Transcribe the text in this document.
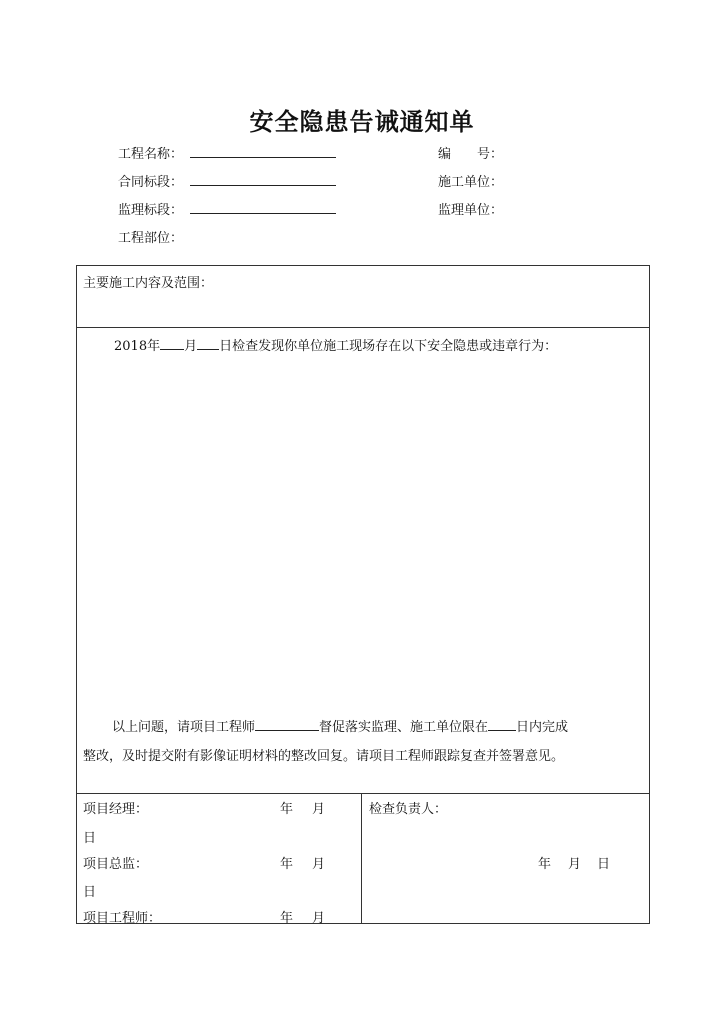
安全隐患告诫通知单
工程名称：	编　　号：
合同标段：	施工单位：
监理标段：	监理单位：
工程部位：
主要施工内容及范围：
2018年 月 日检查发现你单位施工现场存在以下安全隐患或违章行为：
以上问题，请项目工程师	督促落实监理、施工单位限在 日内完成
整改，及时提交附有影像证明材料的整改回复。请项目工程师跟踪复查并签署意见。
项目经理：	年 月
日
项目总监：	年 月
日
项目工程师：	年 月
检查负责人：
年 月 日
